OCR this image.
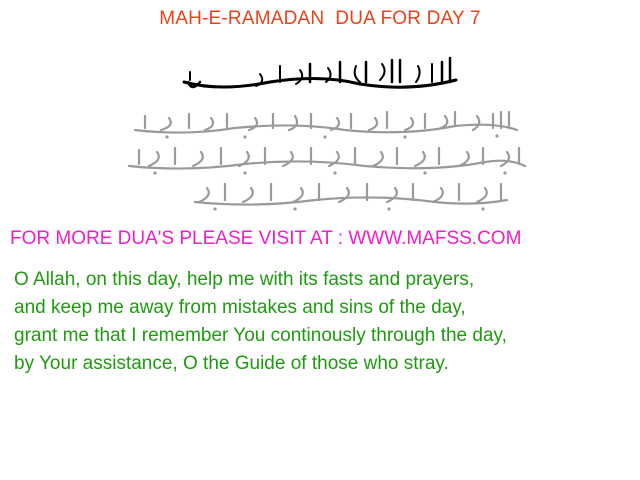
MAH-E-RAMADAN  DUA FOR DAY 7
FOR MORE DUA'S PLEASE VISIT AT : WWW.MAFSS.COM
O Allah, on this day, help me with its fasts and prayers,
and keep me away from mistakes and sins of the day,
grant me that I remember You continously through the day,
by Your assistance, O the Guide of those who stray.
